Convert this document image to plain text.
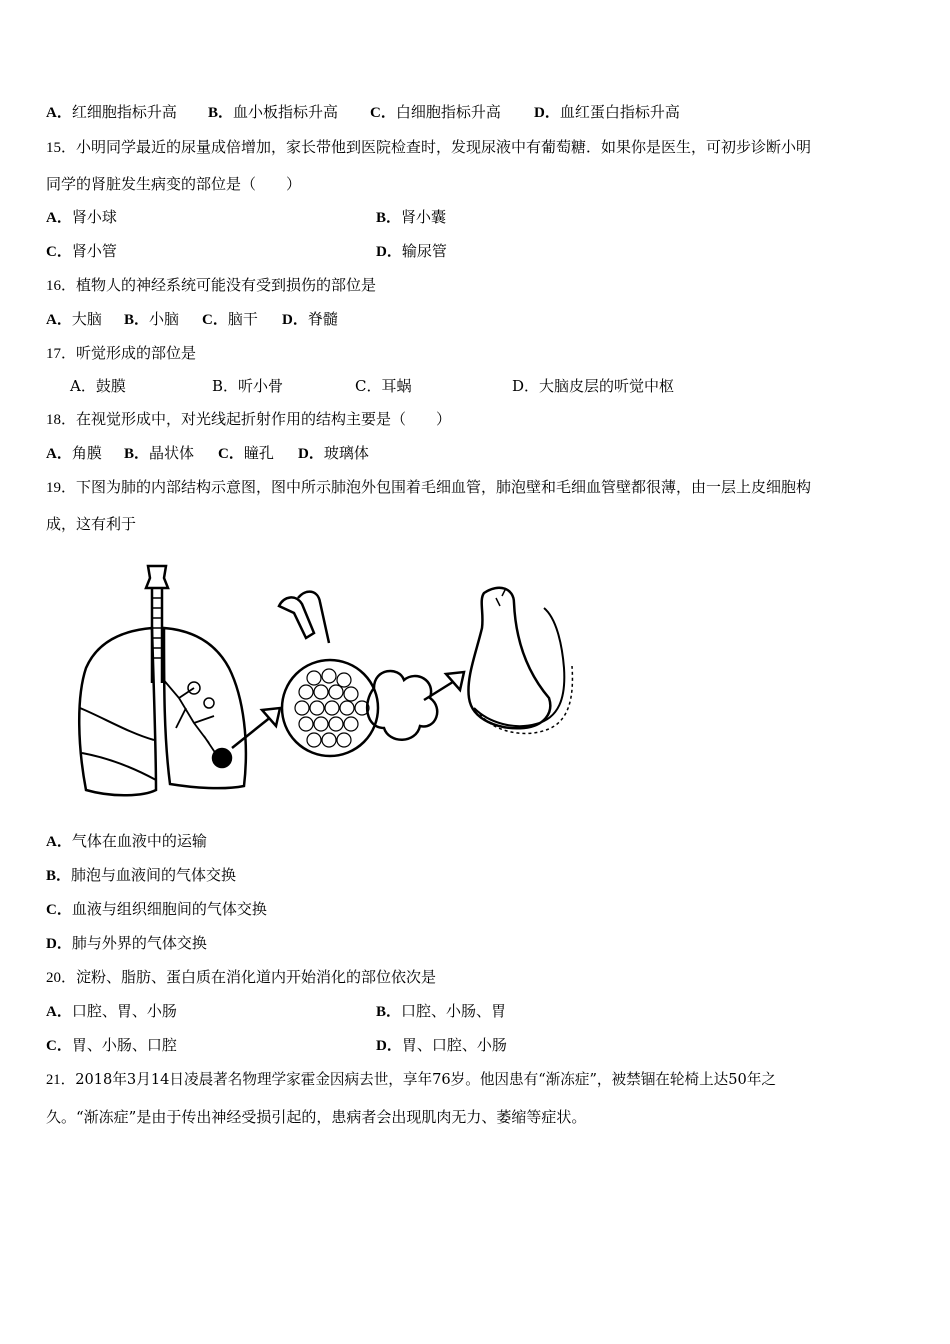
A．红细胞指标升高 B．血小板指标升高 C．白细胞指标升高 D．血红蛋白指标升高
15．小明同学最近的尿量成倍增加，家长带他到医院检查时，发现尿液中有葡萄糖．如果你是医生，可初步诊断小明
同学的肾脏发生病变的部位是（　　）
A．肾小球	B．肾小囊
C．肾小管	D．输尿管
16．植物人的神经系统可能没有受到损伤的部位是
A．大脑 B．小脑 C．脑干 D．脊髓
17．听觉形成的部位是
A．鼓膜	B．听小骨	C．耳蜗	D．大脑皮层的听觉中枢
18．在视觉形成中，对光线起折射作用的结构主要是（　　）
A．角膜 B．晶状体 C．瞳孔 D．玻璃体
19．下图为肺的内部结构示意图，图中所示肺泡外包围着毛细血管，肺泡壁和毛细血管壁都很薄，由一层上皮细胞构
成，这有利于
A．气体在血液中的运输
B．肺泡与血液间的气体交换
C．血液与组织细胞间的气体交换
D．肺与外界的气体交换
20．淀粉、脂肪、蛋白质在消化道内开始消化的部位依次是
A．口腔、胃、小肠	B．口腔、小肠、胃
C．胃、小肠、口腔	D．胃、口腔、小肠
21．2018年3月14日凌晨著名物理学家霍金因病去世，享年76岁。他因患有“渐冻症”，被禁锢在轮椅上达50年之
久。“渐冻症”是由于传出神经受损引起的，患病者会出现肌肉无力、萎缩等症状。
